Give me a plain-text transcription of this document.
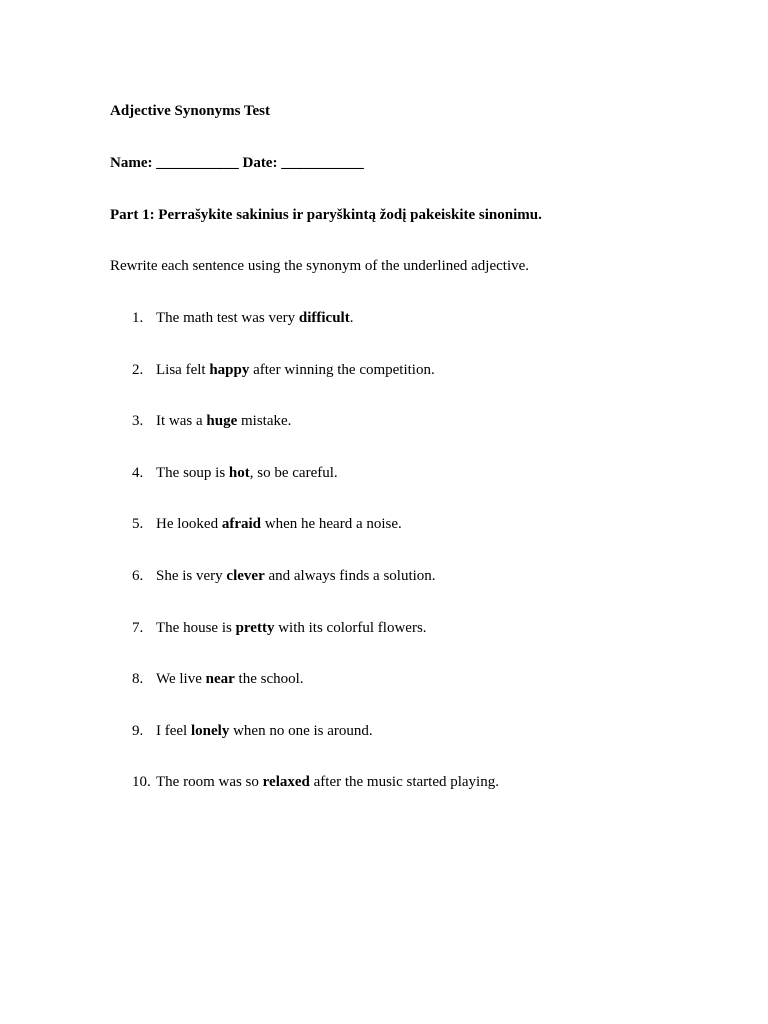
Adjective Synonyms Test
Name: ___________ Date: ___________
Part 1: Perrašykite sakinius ir paryškintą žodį pakeiskite sinonimu.
Rewrite each sentence using the synonym of the underlined adjective.
1. The math test was very difficult.
2. Lisa felt happy after winning the competition.
3. It was a huge mistake.
4. The soup is hot, so be careful.
5. He looked afraid when he heard a noise.
6. She is very clever and always finds a solution.
7. The house is pretty with its colorful flowers.
8. We live near the school.
9. I feel lonely when no one is around.
10. The room was so relaxed after the music started playing.
